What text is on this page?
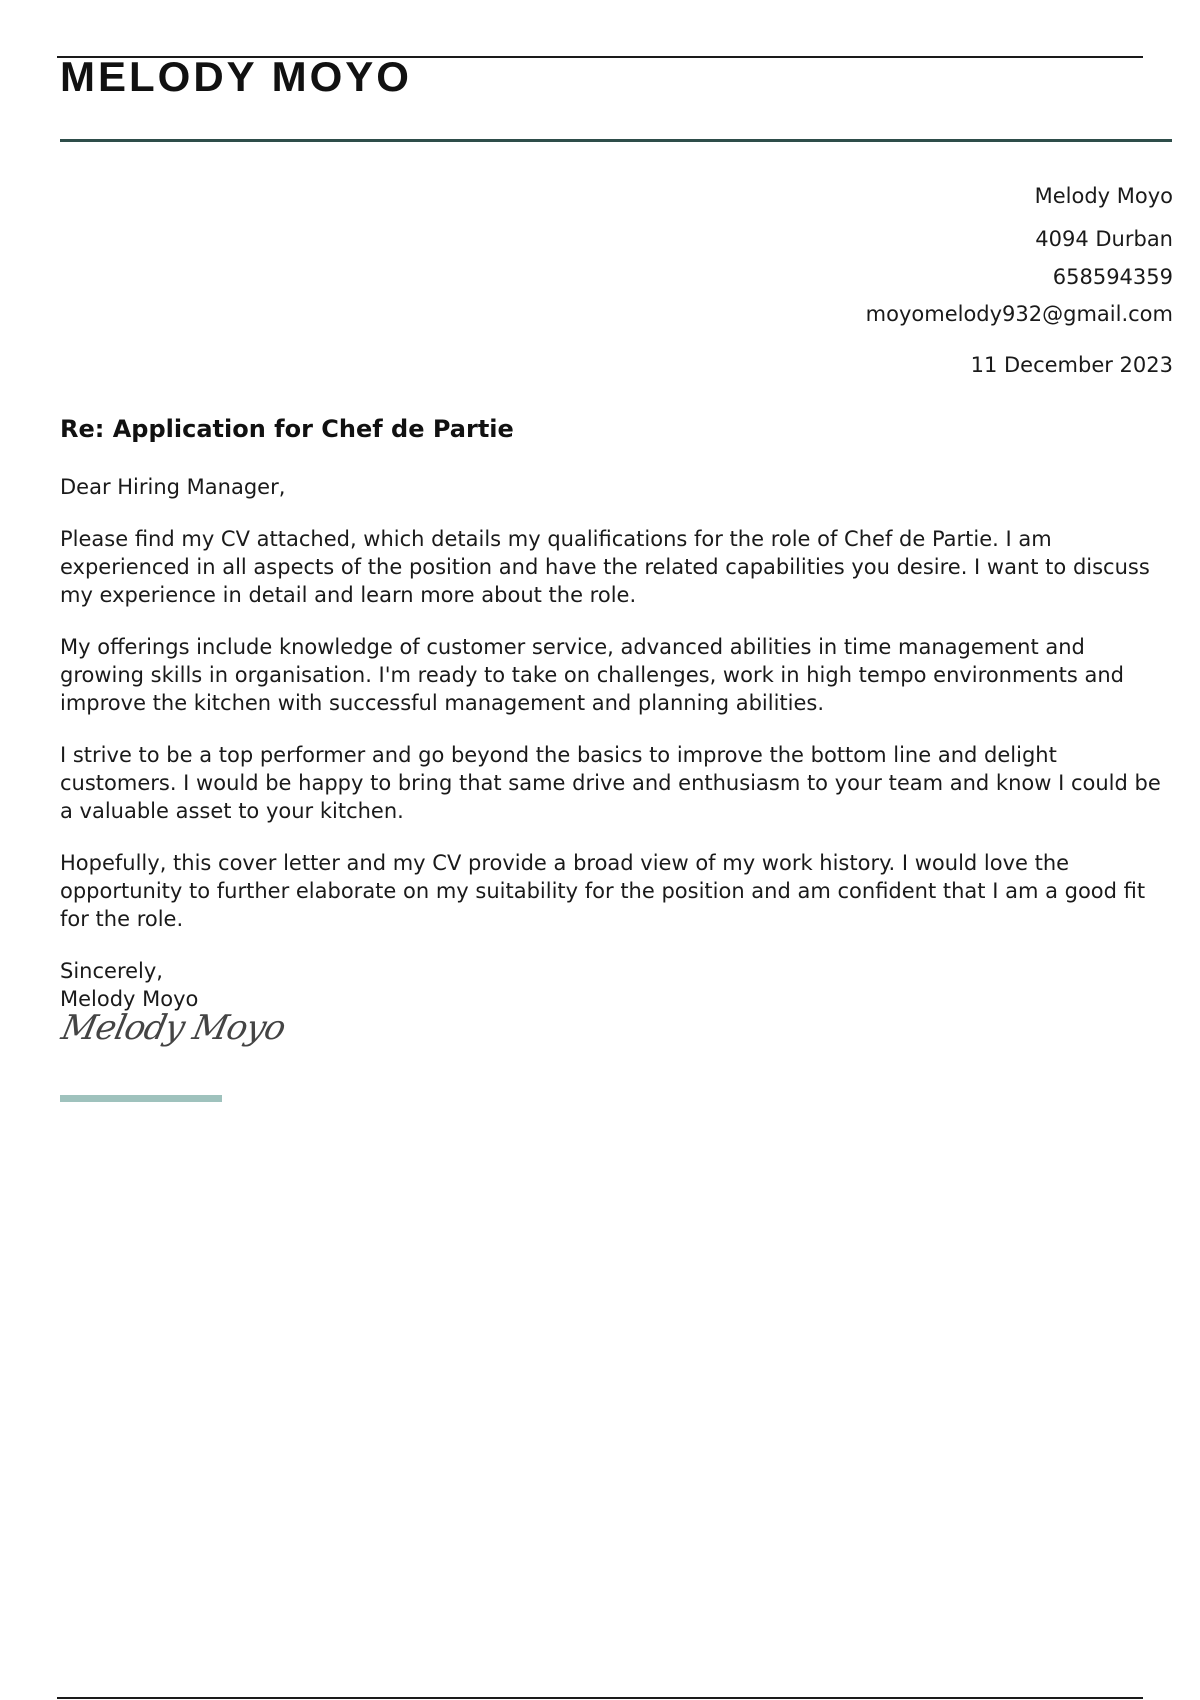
MELODY MOYO
Melody Moyo
4094 Durban
658594359
moyomelody932@gmail.com
11 December 2023
Re: Application for Chef de Partie

Dear Hiring Manager,

Please find my CV attached, which details my qualifications for the role of Chef de Partie. I am experienced in all aspects of the position and have the related capabilities you desire. I want to discuss my experience in detail and learn more about the role.

My offerings include knowledge of customer service, advanced abilities in time management and growing skills in organisation. I'm ready to take on challenges, work in high tempo environments and improve the kitchen with successful management and planning abilities.

I strive to be a top performer and go beyond the basics to improve the bottom line and delight customers. I would be happy to bring that same drive and enthusiasm to your team and know I could be a valuable asset to your kitchen.

Hopefully, this cover letter and my CV provide a broad view of my work history. I would love the opportunity to further elaborate on my suitability for the position and am confident that I am a good fit for the role.

Sincerely,
Melody Moyo
Melody Moyo
